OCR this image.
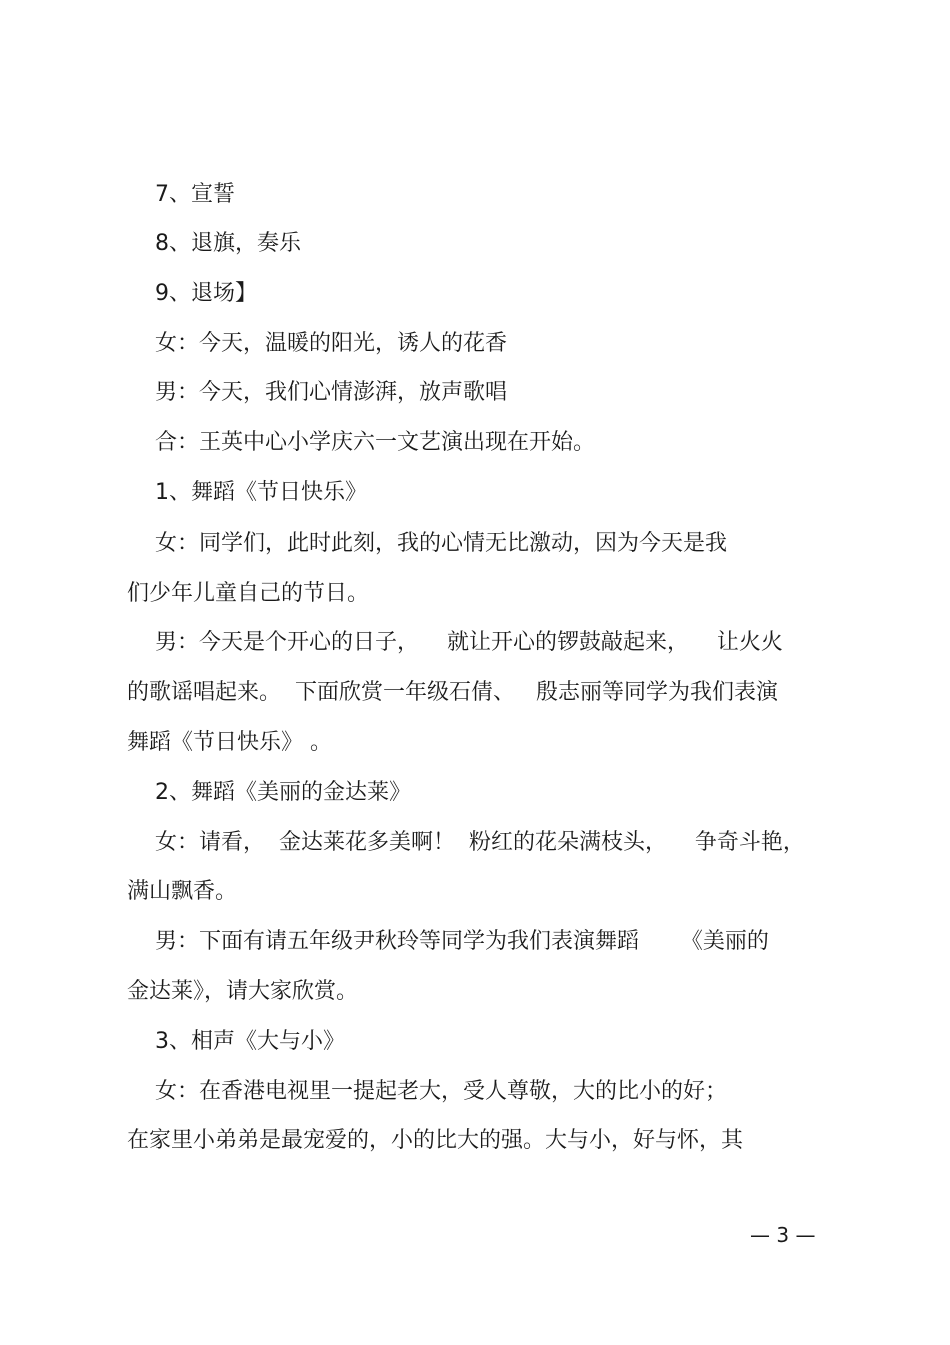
7、宣誓

8、退旗，奏乐

9、退场】

女：今天，温暖的阳光，诱人的花香

男：今天，我们心情澎湃，放声歌唱

合：王英中心小学庆六一文艺演出现在开始。

1、舞蹈《节日快乐》

女：同学们，此时此刻，我的心情无比激动，因为今天是我

们少年儿童自己的节日。

男：今天是个开心的日子，    就让开心的锣鼓敲起来，    让火火

的歌谣唱起来。  下面欣赏一年级石倩、   殷志丽等同学为我们表演

舞蹈《节日快乐》 。

2、舞蹈《美丽的金达莱》

女：请看，  金达莱花多美啊！  粉红的花朵满枝头，    争奇斗艳，

满山飘香。

男：下面有请五年级尹秋玲等同学为我们表演舞蹈      《美丽的

金达莱》，请大家欣赏。

3、相声《大与小》

女：在香港电视里一提起老大，受人尊敬，大的比小的好；

在家里小弟弟是最宠爱的，小的比大的强。大与小，好与怀，其

— 3 —
